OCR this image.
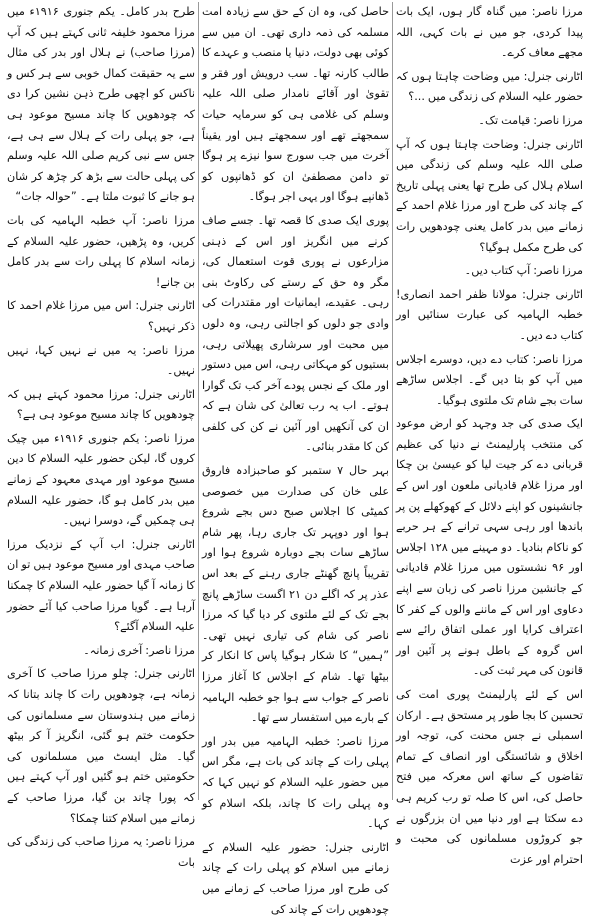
مرزا ناصر: میں گناہ گار ہوں، ایک بات پیدا کردی، جو میں نے بات کہی، اللہ مجھے معاف کرے۔

اٹارنی جنرل: میں وضاحت چاہتا ہوں کہ حضور علیہ السلام کی زندگی میں ...؟

مرزا ناصر: قیامت تک۔

اٹارنی جنرل: وضاحت چاہتا ہوں کہ آپ صلی اللہ علیہ وسلم کی زندگی میں اسلام ہلال کی طرح تھا یعنی پہلی تاریخ کے چاند کی طرح اور مرزا غلام احمد کے زمانے میں بدر کامل یعنی چودھویں رات کی طرح مکمل ہوگیا؟

مرزا ناصر: آپ کتاب دیں۔

اٹارنی جنرل: مولانا ظفر احمد انصاری! خطبہ الہامیہ کی عبارت سنائیں اور کتاب دے دیں۔

مرزا ناصر: کتاب دے دیں، دوسرے اجلاس میں آپ کو بتا دیں گے۔ اجلاس ساڑھے سات بجے شام تک ملتوی ہوگیا۔

ایک صدی کی جد وجہد کو ارض موعود کی منتخب پارلیمنٹ نے دنیا کی عظیم قربانی دے کر جیت لیا کو عیسیٰ بن چکا اور مرزا غلام قادیانی ملعون اور اس کے جانشینوں کو اپنے دلائل کے کھوکھلے پن پر باندھا اور رہی سہی ترانے کے ہر حربے کو ناکام بنادیا۔ دو مہینے میں ۱۲۸ اجلاس اور ۹۶ نشستوں میں مرزا غلام قادیانی کے جانشین مرزا ناصر کی زبان سے اپنے دعاوی اور اس کے ماننے والوں کے کفر کا اعتراف کرایا اور عملی اتفاق رائے سے اس گروہ کے باطل ہونے پر آئین اور قانون کی مہر ثبت کی۔

اس کے لئے پارلیمنٹ پوری امت کی تحسین کا بجا طور پر مستحق ہے۔ ارکان اسمبلی نے جس محنت کی، توجہ اور اخلاق و شائستگی اور انصاف کے تمام تقاضوں کے ساتھ اس معرکہ میں فتح حاصل کی، اس کا صلہ تو رب کریم ہی دے سکتا ہے اور دنیا میں ان بزرگوں نے جو کروڑوں مسلمانوں کی محبت و احترام اور عزت

حاصل کی، وہ ان کے حق سے زیادہ امت مسلمہ کی ذمہ داری تھی۔ ان میں سے کوئی بھی دولت، دنیا یا منصب و عہدے کا طالب کارنہ تھا۔ سب درویش اور فقر و تقویٰ اور آقائے نامدار صلی اللہ علیہ وسلم کی غلامی ہی کو سرمایہ حیات سمجھتے تھے اور سمجھتے ہیں اور یقیناً آخرت میں جب سورج سوا نیزے پر ہوگا تو دامن مصطفیٰ ان کو ڈھانپوں کو ڈھانپے ہوگا اور یہی اجر ہوگا۔

پوری ایک صدی کا قصہ تھا۔ جسے صاف کرنے میں انگریز اور اس کے ذہنی مزارعوں نے پوری قوت استعمال کی، مگر وہ حق کے رستے کی رکاوٹ بنی رہی۔ عقیدے، ایمانیات اور مقتدرات کی وادی جو دلوں کو اجالتی رہی، وہ دلوں میں محبت اور سرشاری پھیلاتی رہی، بستیوں کو مہکاتی رہی، اس میں دستور اور ملک کے نجس پودے آخر کب تک گوارا ہوتے۔ اب یہ رب تعالیٰ کی شان ہے کہ ان کی آنکھیں اور آئین نے کن کی کلفی کن کا مقدر بنائی۔

بہر حال ۷ ستمبر کو صاحبزادہ فاروق علی خان کی صدارت میں خصوصی کمیٹی کا اجلاس صبح دس بجے شروع ہوا اور دوپہر تک جاری رہا، پھر شام ساڑھے سات بجے دوبارہ شروع ہوا اور تقریباً پانچ گھنٹے جاری رہنے کے بعد اس عذر پر کہ اگلے دن ۲۱ اگست ساڑھے پانچ بجے تک کے لئے ملتوی کر دیا گیا کہ مرزا ناصر کی شام کی تیاری نہیں تھی۔ ”ہمیں“ کا شکار ہوگیا پاس کا انکار کر بیٹھا تھا۔ شام کے اجلاس کا آغاز مرزا ناصر کے جواب سے ہوا جو خطبہ الہامیہ کے بارے میں استفسار سے تھا۔

مرزا ناصر: خطبہ الہامیہ میں بدر اور پہلی رات کے چاند کی بات ہے، مگر اس میں حضور علیہ السلام کو نہیں کہا کہ وہ پہلی رات کا چاند، بلکہ اسلام کو کہا۔

اٹارنی جنرل: حضور علیہ السلام کے زمانے میں اسلام کو پہلی رات کے چاند کی طرح اور مرزا صاحب کے زمانے میں چودھویں رات کے چاند کی

طرح بدر کامل۔ یکم جنوری ۱۹۱۶ء میں مرزا محمود خلیفہ ثانی کہتے ہیں کہ آپ (مرزا صاحب) نے ہلال اور بدر کی مثال سے یہ حقیقت کمال خوبی سے ہر کس و ناکس کو اچھی طرح ذہن نشین کرا دی کہ چودھویں کا چاند مسیح موعود ہی ہے، جو پہلی رات کے ہلال سے ہی ہے، جس سے نبی کریم صلی اللہ علیہ وسلم کی پہلی حالت سے بڑھ کر چڑھ کر شان ہو جانے کا ثبوت ملتا ہے۔ ”حوالہ جات“

مرزا ناصر: آپ خطبہ الہامیہ کی بات کریں، وہ پڑھیں، حضور علیہ السلام کے زمانہ اسلام کا پہلی رات سے بدر کامل بن جانے!

اٹارنی جنرل: اس میں مرزا غلام احمد کا ذکر نہیں؟

مرزا ناصر: یہ میں نے نہیں کہا، نہیں نہیں۔

اٹارنی جنرل: مرزا محمود کہتے ہیں کہ چودھویں کا چاند مسیح موعود ہی ہے؟

مرزا ناصر: یکم جنوری ۱۹۱۶ء میں چیک کروں گا، لیکن حضور علیہ السلام کا دین مسیح موعود اور مہدی معہود کے زمانے میں بدر کامل ہو گا، حضور علیہ السلام ہی چمکیں گے، دوسرا نہیں۔

اٹارنی جنرل: اب آپ کے نزدیک مرزا صاحب مہدی اور مسیح موعود ہیں تو ان کا زمانہ آ گیا حضور علیہ السلام کا چمکنا آرہا ہے۔ گویا مرزا صاحب کیا آئے حضور علیہ السلام آگئے؟

مرزا ناصر: آخری زمانہ۔

اٹارنی جنرل: چلو مرزا صاحب کا آخری زمانہ ہے، چودھویں رات کا چاند بتانا کہ زمانے میں ہندوستان سے مسلمانوں کی حکومت ختم ہو گئی، انگریز آ کر بیٹھ گیا۔ مثل ایسٹ میں مسلمانوں کی حکومتیں ختم ہو گئیں اور آپ کہتے ہیں کہ پورا چاند بن گیا، مرزا صاحب کے زمانے میں اسلام کتنا چمکا؟

مرزا ناصر: یہ مرزا صاحب کی زندگی کی بات
